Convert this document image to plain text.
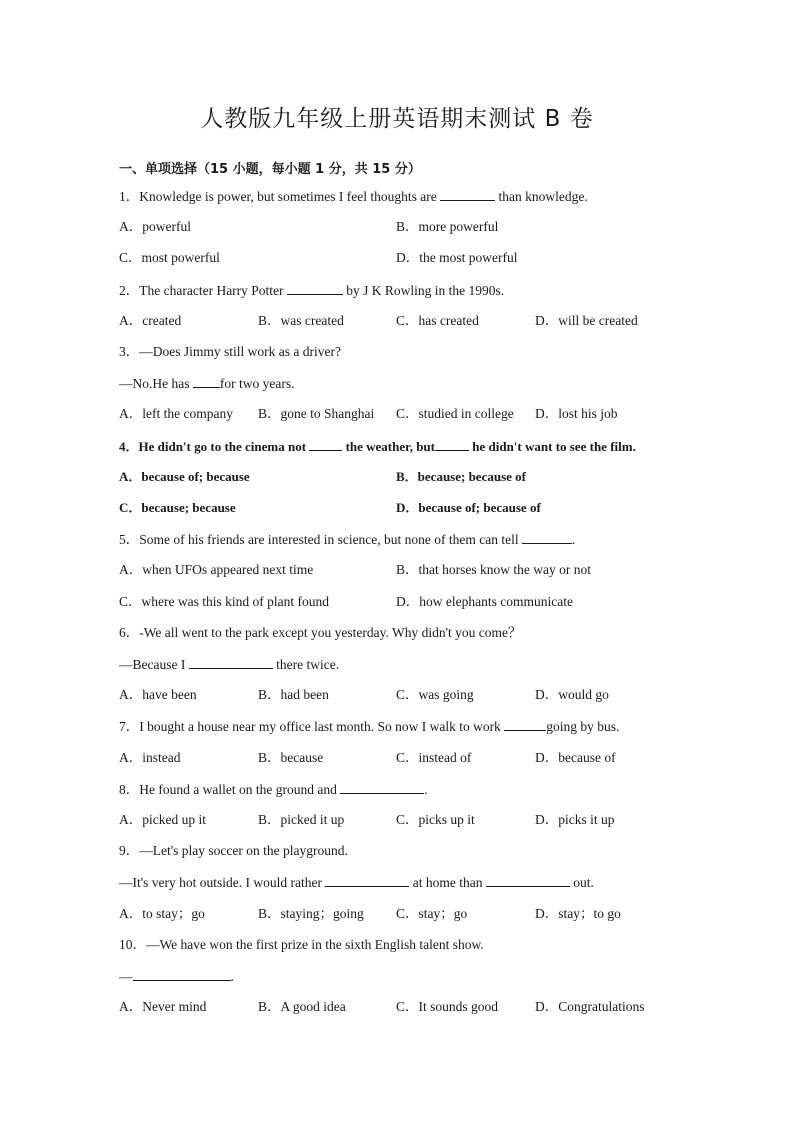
人教版九年级上册英语期末测试 B 卷
一、单项选择（15 小题，每小题 1 分，共 15 分）
1．Knowledge is power, but sometimes I feel thoughts are	than knowledge.
A．powerful	B．more powerful
C．most powerful	D．the most powerful
2．The character Harry Potter	by J K Rowling in the 1990s.
A．created	B．was created	C．has created	D．will be created
3．—Does Jimmy still work as a driver?
—No.He has for two years.
A．left the company B．gone to Shanghai C．studied in college D．lost his job
4．He didn't go to the cinema not	the weather, but	he didn't want to see the film.
A．because of; because	B．because; because of
C．because; because	D．because of; because of
5．Some of his friends are interested in science, but none of them can tell	.
A．when UFOs appeared next time	B．that horses know the way or not
C．where was this kind of plant found	D．how elephants communicate
6．-We all went to the park except you yesterday. Why didn't you come？
—Because I	there twice.
A．have been	B．had been	C．was going	D．would go
7．I bought a house near my office last month. So now I walk to work	going by bus.
A．instead	B．because	C．instead of	D．because of
8．He found a wallet on the ground and	.
A．picked up it	B．picked it up	C．picks up it	D．picks it up
9．—Let's play soccer on the playground.
—It's very hot outside. I would rather	at home than	out.
A．to stay；go	B．staying；going C．stay；go	D．stay；to go
10．—We have won the first prize in the sixth English talent show.
—	.
A．Never mind	B．A good idea	C．It sounds good	D．Congratulations
